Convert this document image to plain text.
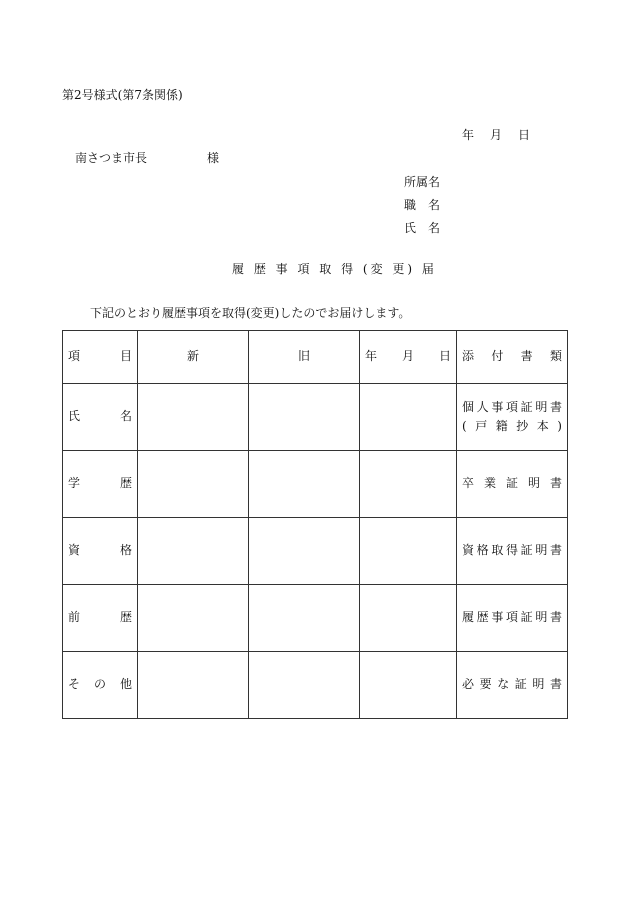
第2号様式(第7条関係)
年 月 日
南さつま市長	様
所属名
職　名
氏　名
履 歴 事 項 取 得 (変 更) 届
下記のとおり履歴事項を取得(変更)したのでお届けします。
項目	新	旧	年月日	添付書類
氏名				個人事項証明書
(戸籍抄本)

学歴				卒業証明書
資格				資格取得証明書
前歴				履歴事項証明書
その他				必要な証明書
